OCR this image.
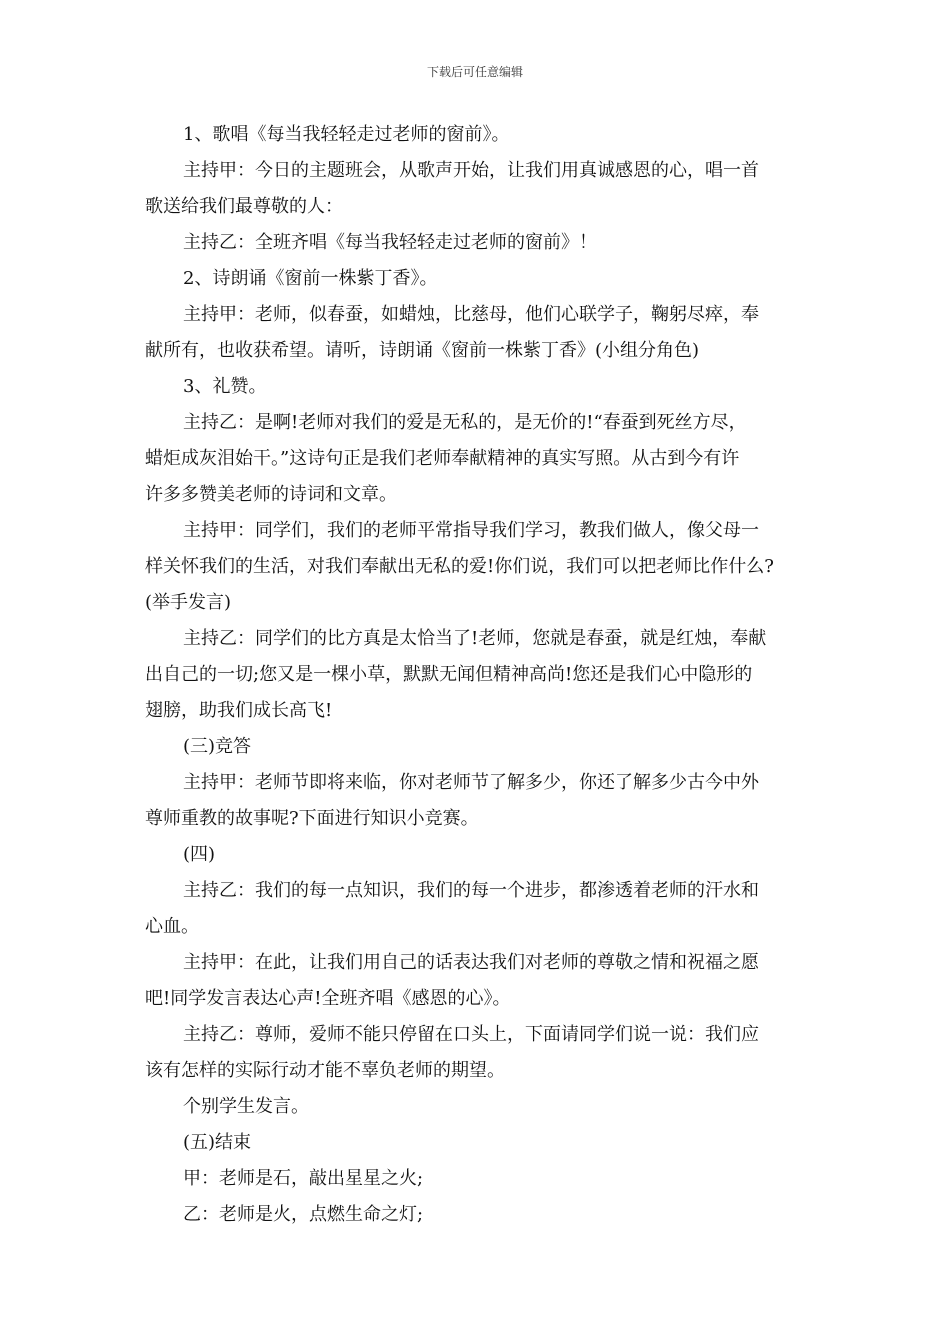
下载后可任意编辑
1、歌唱《每当我轻轻走过老师的窗前》。
主持甲：今日的主题班会，从歌声开始，让我们用真诚感恩的心，唱一首
歌送给我们最尊敬的人：
主持乙：全班齐唱《每当我轻轻走过老师的窗前》！
2、诗朗诵《窗前一株紫丁香》。
主持甲：老师，似春蚕，如蜡烛，比慈母，他们心联学子，鞠躬尽瘁，奉
献所有，也收获希望。请听，诗朗诵《窗前一株紫丁香》(小组分角色)
3、礼赞。
主持乙：是啊!老师对我们的爱是无私的，是无价的!“春蚕到死丝方尽，
蜡炬成灰泪始干。”这诗句正是我们老师奉献精神的真实写照。从古到今有许
许多多赞美老师的诗词和文章。
主持甲：同学们，我们的老师平常指导我们学习，教我们做人，像父母一
样关怀我们的生活，对我们奉献出无私的爱!你们说，我们可以把老师比作什么?
(举手发言)
主持乙：同学们的比方真是太恰当了!老师，您就是春蚕，就是红烛，奉献
出自己的一切;您又是一棵小草，默默无闻但精神高尚!您还是我们心中隐形的
翅膀，助我们成长高飞!
(三)竞答
主持甲：老师节即将来临，你对老师节了解多少，你还了解多少古今中外
尊师重教的故事呢?下面进行知识小竞赛。
(四)
主持乙：我们的每一点知识，我们的每一个进步，都渗透着老师的汗水和
心血。
主持甲：在此，让我们用自己的话表达我们对老师的尊敬之情和祝福之愿
吧!同学发言表达心声!全班齐唱《感恩的心》。
主持乙：尊师，爱师不能只停留在口头上，下面请同学们说一说：我们应
该有怎样的实际行动才能不辜负老师的期望。
个别学生发言。
(五)结束
甲：老师是石，敲出星星之火;
乙：老师是火，点燃生命之灯;
